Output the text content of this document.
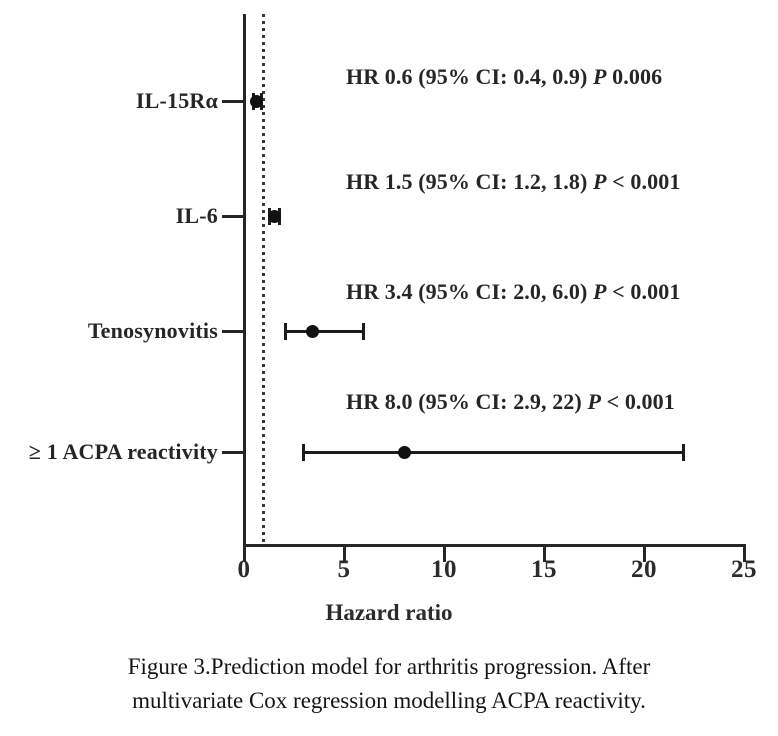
0	5	10	15	20	25
IL-15Rα
HR 0.6 (95% CI: 0.4, 0.9) P 0.006
IL-6
HR 1.5 (95% CI: 1.2, 1.8) P < 0.001
Tenosynovitis
HR 3.4 (95% CI: 2.0, 6.0) P < 0.001
≥ 1 ACPA reactivity
HR 8.0 (95% CI: 2.9, 22) P < 0.001
Hazard ratio
Figure 3.Prediction model for arthritis progression. After
multivariate Cox regression modelling ACPA reactivity.
